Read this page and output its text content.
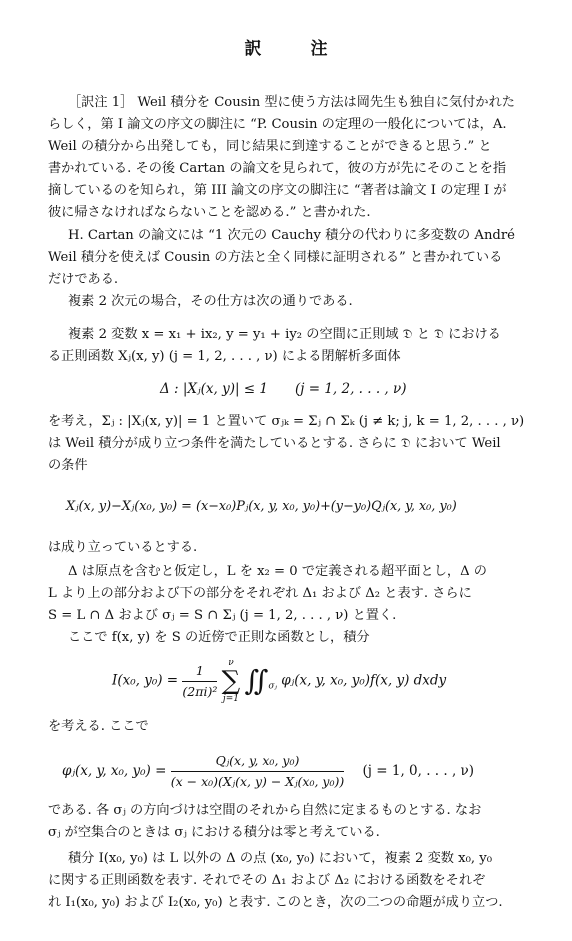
訳　注
［訳注 1］ Weil 積分を Cousin 型に使う方法は岡先生も独自に気付かれた
らしく，第 I 論文の序文の脚注に “P. Cousin の定理の一般化については，A.
Weil の積分から出発しても，同じ結果に到達することができると思う.” と
書かれている. その後 Cartan の論文を見られて，彼の方が先にそのことを指
摘しているのを知られ，第 III 論文の序文の脚注に “著者は論文 I の定理 I が
彼に帰さなければならないことを認める.” と書かれた.
H. Cartan の論文には “1 次元の Cauchy 積分の代わりに多変数の André
Weil 積分を使えば Cousin の方法と全く同様に証明される” と書かれている
だけである.
複素 2 次元の場合，その仕方は次の通りである.
複素 2 変数 x = x₁ + ix₂, y = y₁ + iy₂ の空間に正則域 𝔇 と 𝔇 における
る正則函数 Xⱼ(x, y) (j = 1, 2, . . . , ν) による閉解析多面体
を考え，Σⱼ : |Xⱼ(x, y)| = 1 と置いて σⱼₖ = Σⱼ ∩ Σₖ (j ≠ k; j, k = 1, 2, . . . , ν)
は Weil 積分が成り立つ条件を満たしているとする. さらに 𝔇 において Weil
の条件
は成り立っているとする.
Δ は原点を含むと仮定し，L を x₂ = 0 で定義される超平面とし，Δ の
L より上の部分および下の部分をそれぞれ Δ₁ および Δ₂ と表す. さらに
S = L ∩ Δ および σⱼ = S ∩ Σⱼ (j = 1, 2, . . . , ν) と置く.
ここで f(x, y) を S の近傍で正則な函数とし，積分
を考える. ここで
である. 各 σⱼ の方向づけは空間のそれから自然に定まるものとする. なお
σⱼ が空集合のときは σⱼ における積分は零と考えている.
積分 I(x₀, y₀) は L 以外の Δ の点 (x₀, y₀) において，複素 2 変数 x₀, y₀
に関する正則函数を表す. それでその Δ₁ および Δ₂ における函数をそれぞ
れ I₁(x₀, y₀) および I₂(x₀, y₀) と表す. このとき，次の二つの命題が成り立つ.
Δ : |Xⱼ(x, y)| ≤ 1　　(j = 1, 2, . . . , ν)
Xⱼ(x, y)−Xⱼ(x₀, y₀) = (x−x₀)Pⱼ(x, y, x₀, y₀)+(y−y₀)Qⱼ(x, y, x₀, y₀)
I(x₀, $y_0) = \frac{1}{\text{(2πi)²}}$
	ν
∑
j=1
$∬_{\sigma ⱼ}$ φⱼ(x, y, x₀, y₀)f(x, y) dxdy
φⱼ(x, y, x₀, $y_0) = \frac{\text{Qⱼ(x, y, x₀, y₀)}}{\text{(x − x₀)(Xⱼ(x, y) − Xⱼ(x₀, y₀))}} (j = 1$, 0, . . . , ν)
